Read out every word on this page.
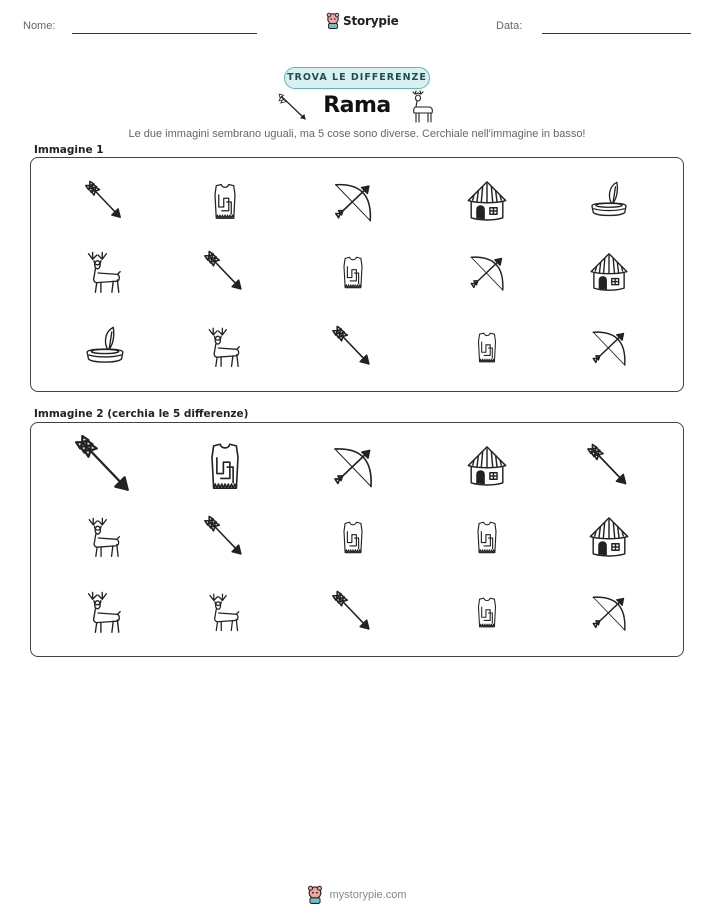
Nome:	Storypie	Data:
TROVA LE DIFFERENZE
Rama
Le due immagini sembrano uguali, ma 5 cose sono diverse. Cerchiale nell'immagine in basso!
Immagine 1
Immagine 2 (cerchia le 5 differenze)
mystorypie.com
